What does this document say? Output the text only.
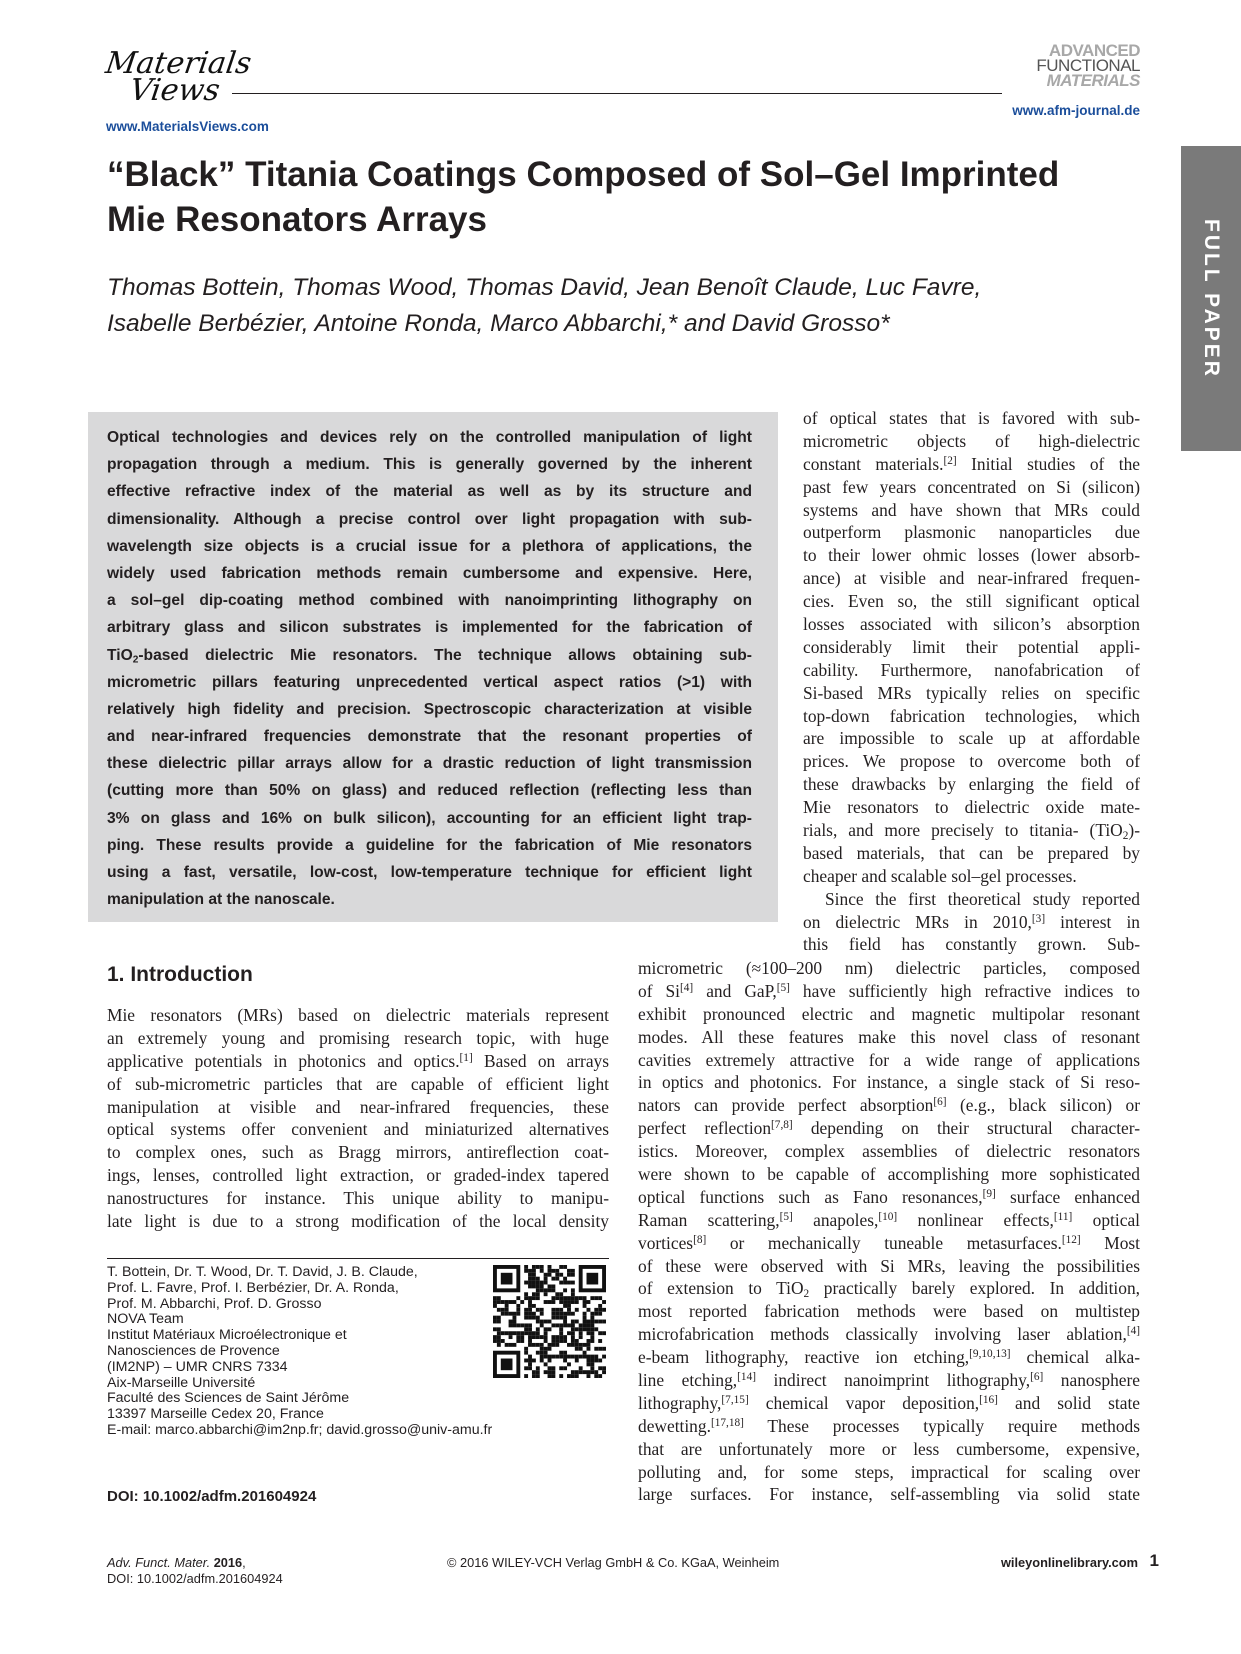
Materials
Views
www.MaterialsViews.com
ADVANCED
FUNCTIONAL
MATERIALS
www.afm-journal.de
FULL PAPER
“Black” Titania Coatings Composed of Sol–Gel Imprinted
Mie Resonators Arrays
Thomas Bottein, Thomas Wood, Thomas David, Jean Benoît Claude, Luc Favre,
Isabelle Berbézier, Antoine Ronda, Marco Abbarchi,* and David Grosso*
Optical technologies and devices rely on the controlled manipulation of light
propagation through a medium. This is generally governed by the inherent
effective refractive index of the material as well as by its structure and
dimensionality. Although a precise control over light propagation with sub-
wavelength size objects is a crucial issue for a plethora of applications, the
widely used fabrication methods remain cumbersome and expensive. Here,
a sol–gel dip-coating method combined with nanoimprinting lithography on
arbitrary glass and silicon substrates is implemented for the fabrication of
TiO$_2$-based dielectric Mie resonators. The technique allows obtaining sub-
micrometric pillars featuring unprecedented vertical aspect ratios (>1) with
relatively high fidelity and precision. Spectroscopic characterization at visible
and near-infrared frequencies demonstrate that the resonant properties of
these dielectric pillar arrays allow for a drastic reduction of light transmission
(cutting more than 50% on glass) and reduced reflection (reflecting less than
3% on glass and 16% on bulk silicon), accounting for an efficient light trap-
ping. These results provide a guideline for the fabrication of Mie resonators
using a fast, versatile, low-cost, low-temperature technique for efficient light
manipulation at the nanoscale.
of optical states that is favored with sub-
micrometric objects of high-dielectric
constant materials.[2] Initial studies of the
past few years concentrated on Si (silicon)
systems and have shown that MRs could
outperform plasmonic nanoparticles due
to their lower ohmic losses (lower absorb-
ance) at visible and near-infrared frequen-
cies. Even so, the still significant optical
losses associated with silicon’s absorption
considerably limit their potential appli-
cability. Furthermore, nanofabrication of
Si-based MRs typically relies on specific
top-down fabrication technologies, which
are impossible to scale up at affordable
prices. We propose to overcome both of
these drawbacks by enlarging the field of
Mie resonators to dielectric oxide mate-
rials, and more precisely to titania- (TiO$_2$)-
based materials, that can be prepared by
cheaper and scalable sol–gel processes.
Since the first theoretical study reported
on dielectric MRs in 2010,[3] interest in
this field has constantly grown. Sub-
1. Introduction
Mie resonators (MRs) based on dielectric materials represent
an extremely young and promising research topic, with huge
applicative potentials in photonics and optics.[1] Based on arrays
of sub-micrometric particles that are capable of efficient light
manipulation at visible and near-infrared frequencies, these
optical systems offer convenient and miniaturized alternatives
to complex ones, such as Bragg mirrors, antireflection coat-
ings, lenses, controlled light extraction, or graded-index tapered
nanostructures for instance. This unique ability to manipu-
late light is due to a strong modification of the local density
micrometric (≈100–200 nm) dielectric particles, composed
of Si[4] and GaP,[5] have sufficiently high refractive indices to
exhibit pronounced electric and magnetic multipolar resonant
modes. All these features make this novel class of resonant
cavities extremely attractive for a wide range of applications
in optics and photonics. For instance, a single stack of Si reso-
nators can provide perfect absorption[6] (e.g., black silicon) or
perfect reflection[7,8] depending on their structural character-
istics. Moreover, complex assemblies of dielectric resonators
were shown to be capable of accomplishing more sophisticated
optical functions such as Fano resonances,[9] surface enhanced
Raman scattering,[5] anapoles,[10] nonlinear effects,[11] optical
vortices[8] or mechanically tuneable metasurfaces.[12] Most
of these were observed with Si MRs, leaving the possibilities
of extension to TiO$_2$ practically barely explored. In addition,
most reported fabrication methods were based on multistep
microfabrication methods classically involving laser ablation,[4]
e-beam lithography, reactive ion etching,[9,10,13] chemical alka-
line etching,[14] indirect nanoimprint lithography,[6] nanosphere
lithography,[7,15] chemical vapor deposition,[16] and solid state
dewetting.[17,18] These processes typically require methods
that are unfortunately more or less cumbersome, expensive,
polluting and, for some steps, impractical for scaling over
large surfaces. For instance, self-assembling via solid state
T. Bottein, Dr. T. Wood, Dr. T. David, J. B. Claude,
Prof. L. Favre, Prof. I. Berbézier, Dr. A. Ronda,
Prof. M. Abbarchi, Prof. D. Grosso
NOVA Team
Institut Matériaux Microélectronique et
Nanosciences de Provence
(IM2NP) – UMR CNRS 7334
Aix-Marseille Université
Faculté des Sciences de Saint Jérôme
13397 Marseille Cedex 20, France
E-mail: marco.abbarchi@im2np.fr; david.grosso@univ-amu.fr
DOI: 10.1002/adfm.201604924
Adv. Funct. Mater. 2016,
DOI: 10.1002/adfm.201604924
© 2016 WILEY-VCH Verlag GmbH & Co. KGaA, Weinheim	wileyonlinelibrary.com 1
